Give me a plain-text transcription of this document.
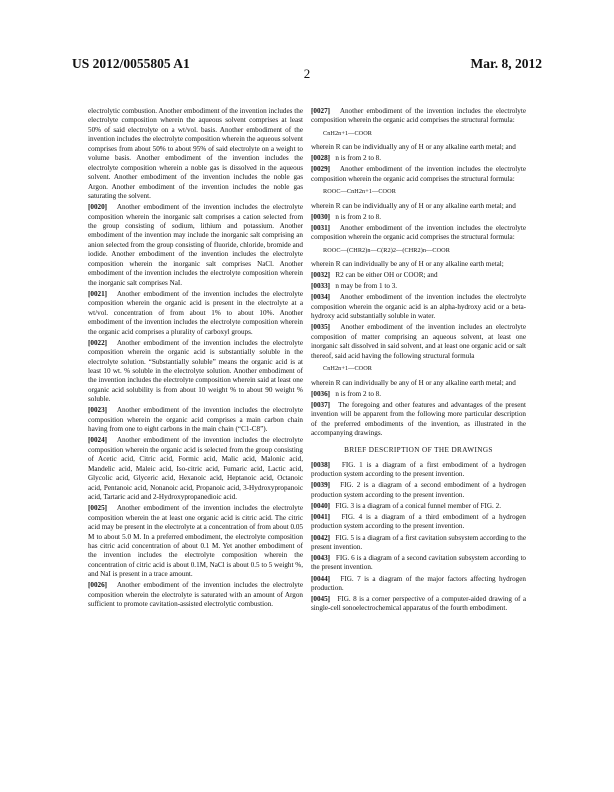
US 2012/0055805 A1	Mar. 8, 2012
2

electrolytic combustion. Another embodiment of the invention includes the electrolyte composition wherein the aqueous solvent comprises at least 50% of said electrolyte on a wt/vol. basis. Another embodiment of the invention includes the electrolyte composition wherein the aqueous solvent comprises from about 50% to about 95% of said electrolyte on a weight to volume basis. Another embodiment of the invention includes the electrolyte composition wherein a noble gas is dissolved in the aqueous solvent. Another embodiment of the invention includes the noble gas Argon. Another embodiment of the invention includes the noble gas saturating the solvent.

[0020] Another embodiment of the invention includes the electrolyte composition wherein the inorganic salt comprises a cation selected from the group consisting of sodium, lithium and potassium. Another embodiment of the invention may include the inorganic salt comprising an anion selected from the group consisting of fluoride, chloride, bromide and iodide. Another embodiment of the invention includes the electrolyte composition wherein the inorganic salt comprises NaCl. Another embodiment of the invention includes the electrolyte composition wherein the inorganic salt comprises NaI.

[0021] Another embodiment of the invention includes the electrolyte composition wherein the organic acid is present in the electrolyte at a wt/vol. concentration of from about 1% to about 10%. Another embodiment of the invention includes the electrolyte composition wherein the organic acid comprises a plurality of carboxyl groups.

[0022] Another embodiment of the invention includes the electrolyte composition wherein the organic acid is substantially soluble in the electrolyte solution. “Substantially soluble” means the organic acid is at least 10 wt. % soluble in the electrolyte solution. Another embodiment of the invention includes the electrolyte composition wherein said at least one organic acid solubility is from about 10 weight % to about 90 weight % soluble.

[0023] Another embodiment of the invention includes the electrolyte composition wherein the organic acid comprises a main carbon chain having from one to eight carbons in the main chain (“C1-C8”).

[0024] Another embodiment of the invention includes the electrolyte composition wherein the organic acid is selected from the group consisting of Acetic acid, Citric acid, Formic acid, Malic acid, Malonic acid, Mandelic acid, Maleic acid, Iso-citric acid, Fumaric acid, Lactic acid, Glycolic acid, Glyceric acid, Hexanoic acid, Heptanoic acid, Octanoic acid, Pentanoic acid, Nonanoic acid, Propanoic acid, 3-Hydroxypropanoic acid, Tartaric acid and 2-Hydroxypropanedioic acid.

[0025] Another embodiment of the invention includes the electrolyte composition wherein the at least one organic acid is citric acid. The citric acid may be present in the electrolyte at a concentration of from about 0.05 M to about 5.0 M. In a preferred embodiment, the electrolyte composition has citric acid concentration of about 0.1 M. Yet another embodiment of the invention includes the electrolyte composition wherein the concentration of citric acid is about 0.1M, NaCl is about 0.5 to 5 weight %, and NaI is present in a trace amount.

[0026] Another embodiment of the invention includes the electrolyte composition wherein the electrolyte is saturated with an amount of Argon sufficient to promote cavitation-assisted electrolytic combustion.

[0027] Another embodiment of the invention includes the electrolyte composition wherein the organic acid comprises the structural formula:

CnH2n+1—COOR

wherein R can be individually any of H or any alkaline earth metal; and

[0028] n is from 2 to 8.

[0029] Another embodiment of the invention includes the electrolyte composition wherein the organic acid comprises the structural formula:

ROOC—CnH2n+1—COOR

wherein R can be individually any of H or any alkaline earth metal; and

[0030] n is from 2 to 8.

[0031] Another embodiment of the invention includes the electrolyte composition wherein the organic acid comprises the structural formula:

ROOC—(CHR2)n—C(R2)2—(CHR2)n—COOR

wherein R can individually be any of H or any alkaline earth metal;

[0032] R2 can be either OH or COOR; and

[0033] n may be from 1 to 3.

[0034] Another embodiment of the invention includes the electrolyte composition wherein the organic acid is an alpha-hydroxy acid or a beta-hydroxy acid substantially soluble in water.

[0035] Another embodiment of the invention includes an electrolyte composition of matter comprising an aqueous solvent, at least one inorganic salt dissolved in said solvent, and at least one organic acid or salt thereof, said acid having the following structural formula

CnH2n+1—COOR

wherein R can individually be any of H or any alkaline earth metal; and

[0036] n is from 2 to 8.

[0037] The foregoing and other features and advantages of the present invention will be apparent from the following more particular description of the preferred embodiments of the invention, as illustrated in the accompanying drawings.

BRIEF DESCRIPTION OF THE DRAWINGS

[0038] FIG. 1 is a diagram of a first embodiment of a hydrogen production system according to the present invention.

[0039] FIG. 2 is a diagram of a second embodiment of a hydrogen production system according to the present invention.

[0040] FIG. 3 is a diagram of a conical funnel member of FIG. 2.

[0041] FIG. 4 is a diagram of a third embodiment of a hydrogen production system according to the present invention.

[0042] FIG. 5 is a diagram of a first cavitation subsystem according to the present invention.

[0043] FIG. 6 is a diagram of a second cavitation subsystem according to the present invention.

[0044] FIG. 7 is a diagram of the major factors affecting hydrogen production.

[0045] FIG. 8 is a corner perspective of a computer-aided drawing of a single-cell sonoelectrochemical apparatus of the fourth embodiment.
